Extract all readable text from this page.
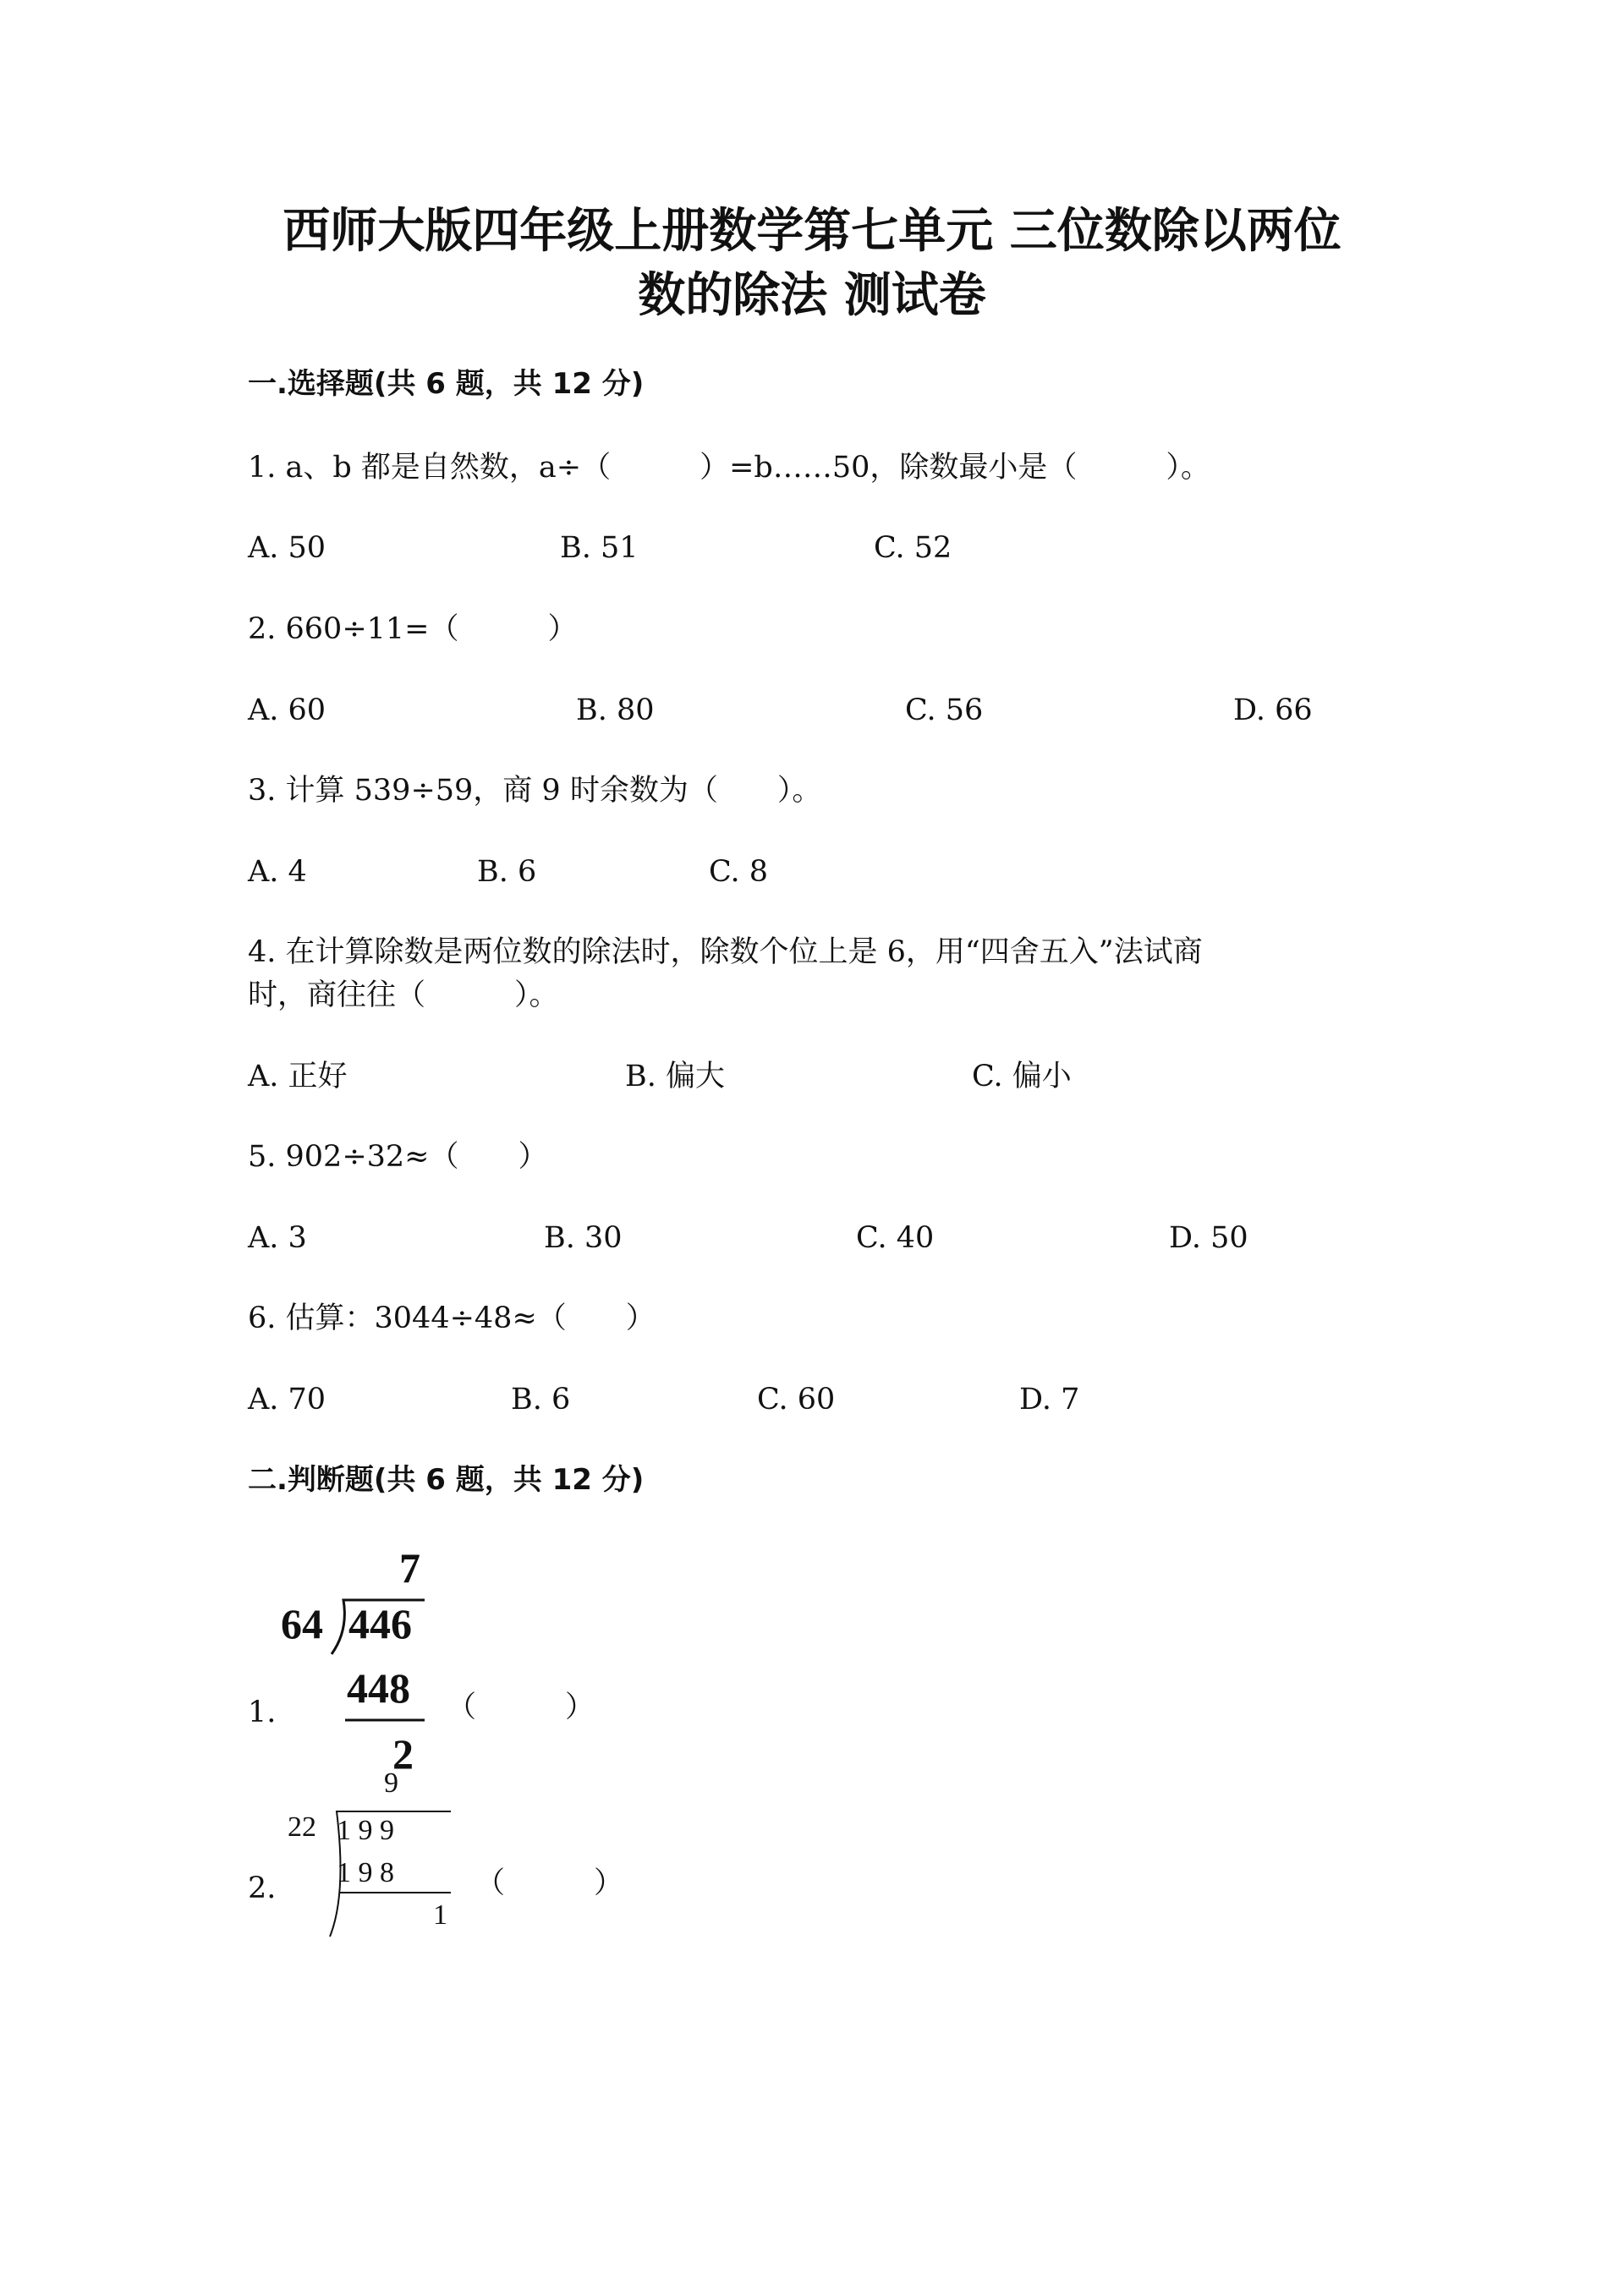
西师大版四年级上册数学第七单元 三位数除以两位
数的除法 测试卷
一.选择题(共 6 题，共 12 分)
1. a、b 都是自然数，a÷（　　　）=b……50，除数最小是（　　　）。
A. 50	B. 51	C. 52
2. 660÷11=（　　　）
A. 60	B. 80	C. 56	D. 66
3. 计算 539÷59，商 9 时余数为（　　）。
A. 4	B. 6	C. 8
4. 在计算除数是两位数的除法时，除数个位上是 6，用“四舍五入”法试商
时，商往往（　　　）。
A. 正好	B. 偏大	C. 偏小
5. 902÷32≈（　　）
A. 3	B. 30	C. 40	D. 50
6. 估算：3044÷48≈（　　）
A. 70	B. 6	C. 60	D. 7
二.判断题(共 6 题，共 12 分)
1.
7
64 446
448
2
（　　　）
2.
9
22 1 9 9
1 9 8
1
（　　　）
